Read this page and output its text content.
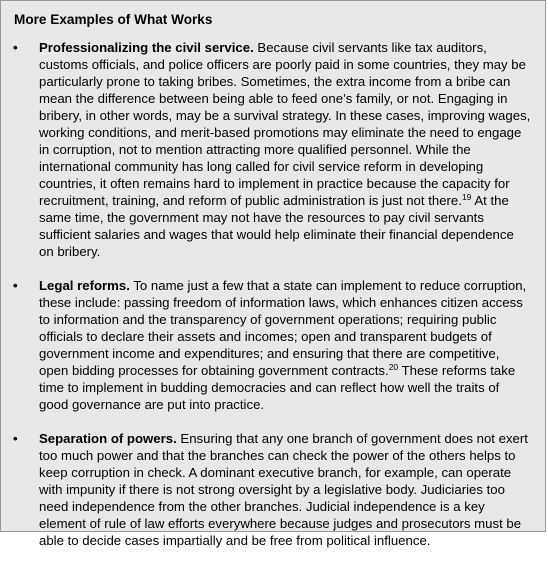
More Examples of What Works
• Professionalizing the civil service. Because civil servants like tax auditors, customs officials, and police officers are poorly paid in some countries, they may be particularly prone to taking bribes. Sometimes, the extra income from a bribe can mean the difference between being able to feed one’s family, or not. Engaging in bribery, in other words, may be a survival strategy. In these cases, improving wages, working conditions, and merit-based promotions may eliminate the need to engage in corruption, not to mention attracting more qualified personnel. While the international community has long called for civil service reform in developing countries, it often remains hard to implement in practice because the capacity for recruitment, training, and reform of public administration is just not there.$^{19}$ At the same time, the government may not have the resources to pay civil servants sufficient salaries and wages that would help eliminate their financial dependence on bribery.
• Legal reforms. To name just a few that a state can implement to reduce corruption, these include: passing freedom of information laws, which enhances citizen access to information and the transparency of government operations; requiring public officials to declare their assets and incomes; open and transparent budgets of government income and expenditures; and ensuring that there are competitive, open bidding processes for obtaining government contracts.$^{20}$ These reforms take time to implement in budding democracies and can reflect how well the traits of good governance are put into practice.
• Separation of powers. Ensuring that any one branch of government does not exert too much power and that the branches can check the power of the others helps to keep corruption in check. A dominant executive branch, for example, can operate with impunity if there is not strong oversight by a legislative body. Judiciaries too need independence from the other branches. Judicial independence is a key element of rule of law efforts everywhere because judges and prosecutors must be able to decide cases impartially and be free from political influence.
